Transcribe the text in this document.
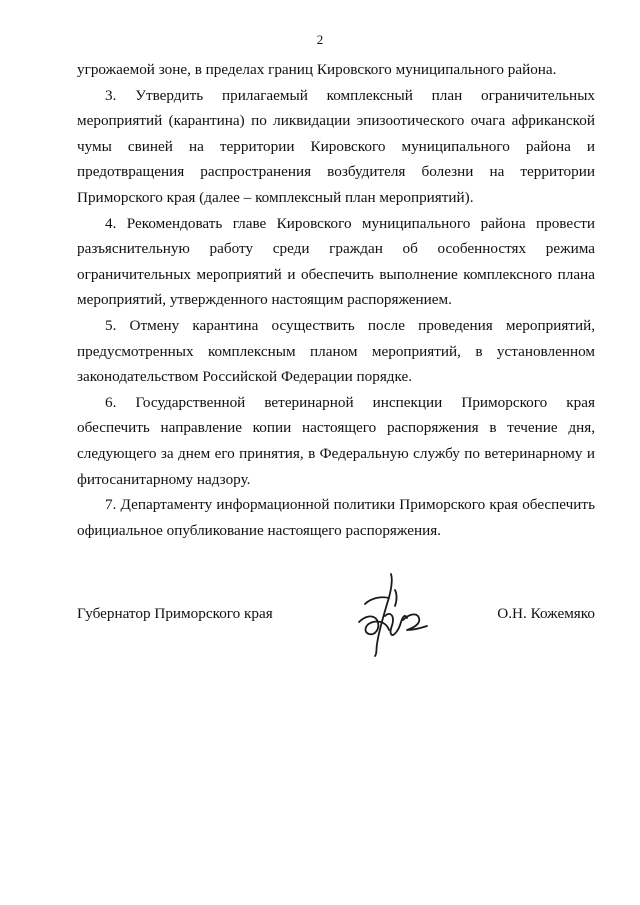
2

угрожаемой зоне, в пределах границ Кировского муниципального района.

3. Утвердить прилагаемый комплексный план ограничительных мероприятий (карантина) по ликвидации эпизоотического очага африканской чумы свиней на территории Кировского муниципального района и предотвращения распространения возбудителя болезни на территории Приморского края (далее – комплексный план мероприятий).

4. Рекомендовать главе Кировского муниципального района провести разъяснительную работу среди граждан об особенностях режима ограничительных мероприятий и обеспечить выполнение комплексного плана мероприятий, утвержденного настоящим распоряжением.

5. Отмену карантина осуществить после проведения мероприятий, предусмотренных комплексным планом мероприятий, в установленном законодательством Российской Федерации порядке.

6. Государственной ветеринарной инспекции Приморского края обеспечить направление копии настоящего распоряжения в течение дня, следующего за днем его принятия, в Федеральную службу по ветеринарному и фитосанитарному надзору.

7. Департаменту информационной политики Приморского края обеспечить официальное опубликование настоящего распоряжения.

Губернатор Приморского края	О.Н. Кожемяко
